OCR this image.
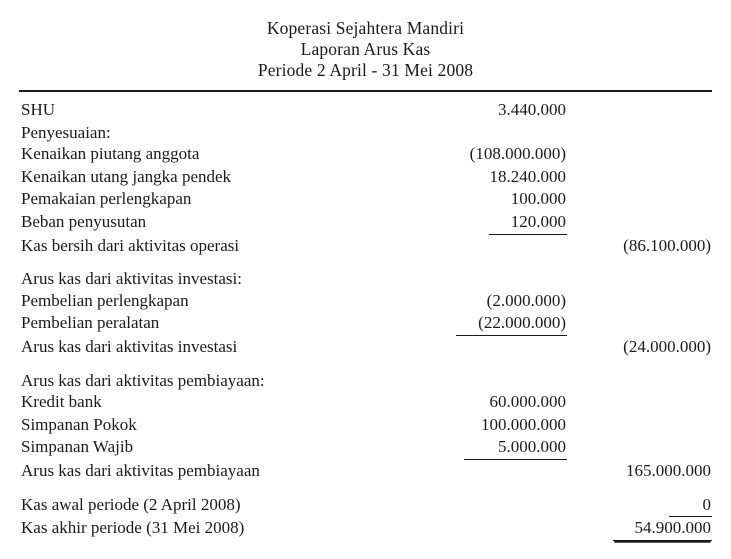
Koperasi Sejahtera Mandiri
Laporan Arus Kas
Periode 2 April - 31 Mei 2008
SHU	3.440.000	
Penyesuaian:		
Kenaikan piutang anggota	(108.000.000)	
Kenaikan utang jangka pendek	18.240.000	
Pemakaian perlengkapan	100.000	
Beban penyusutan	120.000	
Kas bersih dari aktivitas operasi		(86.100.000)

Arus kas dari aktivitas investasi:		
Pembelian perlengkapan	(2.000.000)	
Pembelian peralatan	(22.000.000)	
Arus kas dari aktivitas investasi		(24.000.000)

Arus kas dari aktivitas pembiayaan:		
Kredit bank	60.000.000	
Simpanan Pokok	100.000.000	
Simpanan Wajib	5.000.000	
Arus kas dari aktivitas pembiayaan		165.000.000

Kas awal periode (2 April 2008)		0
Kas akhir periode (31 Mei 2008)		54.900.000
